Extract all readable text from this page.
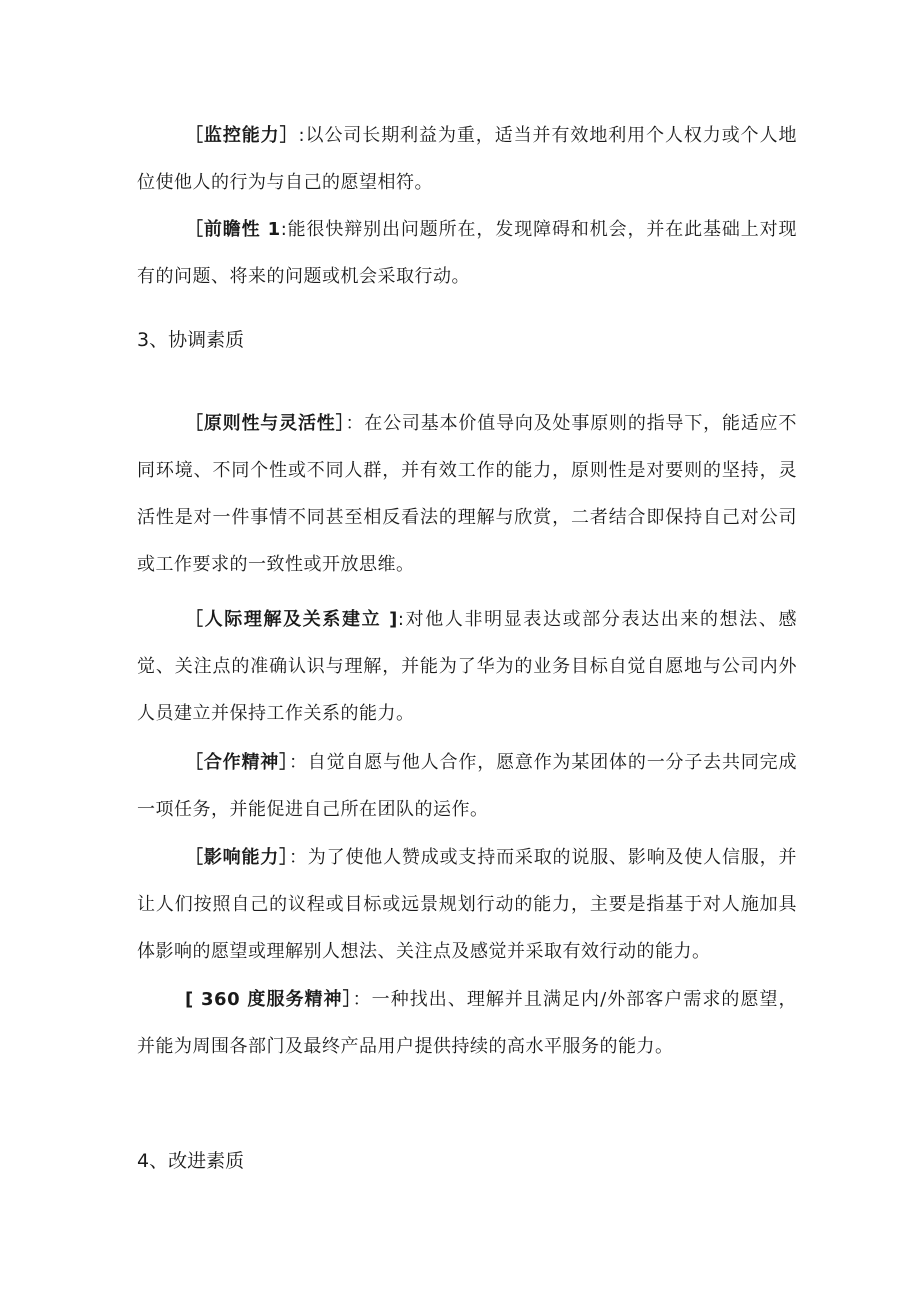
［监控能力］:以公司长期利益为重，适当并有效地利用个人权力或个人地位使他人的行为与自己的愿望相符。

［前瞻性 1:能很快辩别出问题所在，发现障碍和机会，并在此基础上对现有的问题、将来的问题或机会采取行动。

3、协调素质

［原则性与灵活性］：在公司基本价值导向及处事原则的指导下，能适应不同环境、不同个性或不同人群，并有效工作的能力，原则性是对要则的坚持，灵活性是对一件事情不同甚至相反看法的理解与欣赏，二者结合即保持自己对公司或工作要求的一致性或开放思维。

［人际理解及关系建立 ]:对他人非明显表达或部分表达出来的想法、感觉、关注点的准确认识与理解，并能为了华为的业务目标自觉自愿地与公司内外人员建立并保持工作关系的能力。

［合作精神］：自觉自愿与他人合作，愿意作为某团体的一分子去共同完成一项任务，并能促进自己所在团队的运作。

［影响能力］：为了使他人赞成或支持而采取的说服、影响及使人信服，并让人们按照自己的议程或目标或远景规划行动的能力，主要是指基于对人施加具体影响的愿望或理解别人想法、关注点及感觉并采取有效行动的能力。

[ 360 度服务精神］：一种找出、理解并且满足内/外部客户需求的愿望，并能为周围各部门及最终产品用户提供持续的高水平服务的能力。

4、改进素质
